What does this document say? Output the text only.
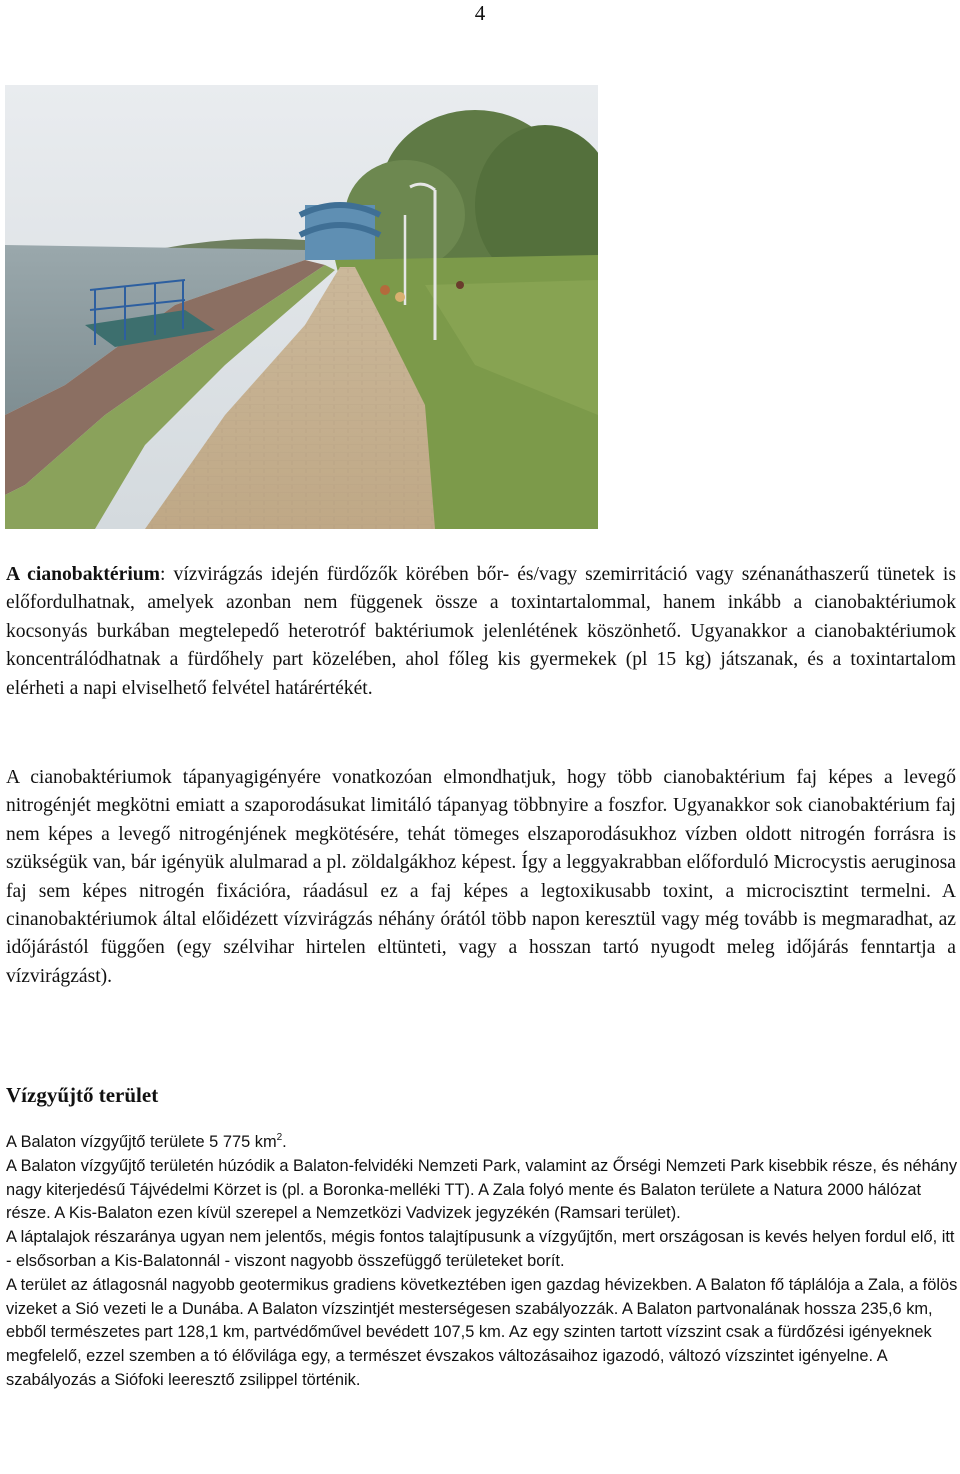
4
A cianobaktérium: vízvirágzás idején fürdőzők körében bőr- és/vagy szemirritáció vagy szénanáthaszerű tünetek is előfordulhatnak, amelyek azonban nem függenek össze a toxintartalommal, hanem inkább a cianobaktériumok kocsonyás burkában megtelepedő heterotróf baktériumok jelenlétének köszönhető. Ugyanakkor a cianobaktériumok koncentrálódhatnak a fürdőhely part közelében, ahol főleg kis gyermekek (pl 15 kg) játszanak, és a toxintartalom elérheti a napi elviselhető felvétel határértékét.
A cianobaktériumok tápanyagigényére vonatkozóan elmondhatjuk, hogy több cianobaktérium faj képes a levegő nitrogénjét megkötni emiatt a szaporodásukat limitáló tápanyag többnyire a foszfor. Ugyanakkor sok cianobaktérium faj nem képes a levegő nitrogénjének megkötésére, tehát tömeges elszaporodásukhoz vízben oldott nitrogén forrásra is szükségük van, bár igényük alulmarad a pl. zöldalgákhoz képest. Így a leggyakrabban előforduló Microcystis aeruginosa faj sem képes nitrogén fixációra, ráadásul ez a faj képes a legtoxikusabb toxint, a microcisztint termelni. A cinanobaktériumok által előidézett vízvirágzás néhány órától több napon keresztül vagy még tovább is megmaradhat, az időjárástól függően (egy szélvihar hirtelen eltünteti, vagy a hosszan tartó nyugodt meleg időjárás fenntartja a vízvirágzást).
Vízgyűjtő terület

A Balaton vízgyűjtő területe 5 775 $km^2$.

A Balaton vízgyűjtő területén húzódik a Balaton-felvidéki Nemzeti Park, valamint az Őrségi Nemzeti Park kisebbik része, és néhány nagy kiterjedésű Tájvédelmi Körzet is (pl. a Boronka-melléki TT). A Zala folyó mente és Balaton területe a Natura 2000 hálózat része. A Kis-Balaton ezen kívül szerepel a Nemzetközi Vadvizek jegyzékén (Ramsari terület).

A láptalajok részaránya ugyan nem jelentős, mégis fontos talajtípusunk a vízgyűjtőn, mert országosan is kevés helyen fordul elő, itt - elsősorban a Kis-Balatonnál - viszont nagyobb összefüggő területeket borít.

A terület az átlagosnál nagyobb geotermikus gradiens következtében igen gazdag hévizekben. A Balaton fő táplálója a Zala, a fölös vizeket a Sió vezeti le a Dunába. A Balaton vízszintjét mesterségesen szabályozzák. A Balaton partvonalának hossza 235,6 km, ebből természetes part 128,1 km, partvédőművel bevédett 107,5 km. Az egy szinten tartott vízszint csak a fürdőzési igényeknek megfelelő, ezzel szemben a tó élővilága egy, a természet évszakos változásaihoz igazodó, változó vízszintet igényelne. A szabályozás a Siófoki leeresztő zsilippel történik.
